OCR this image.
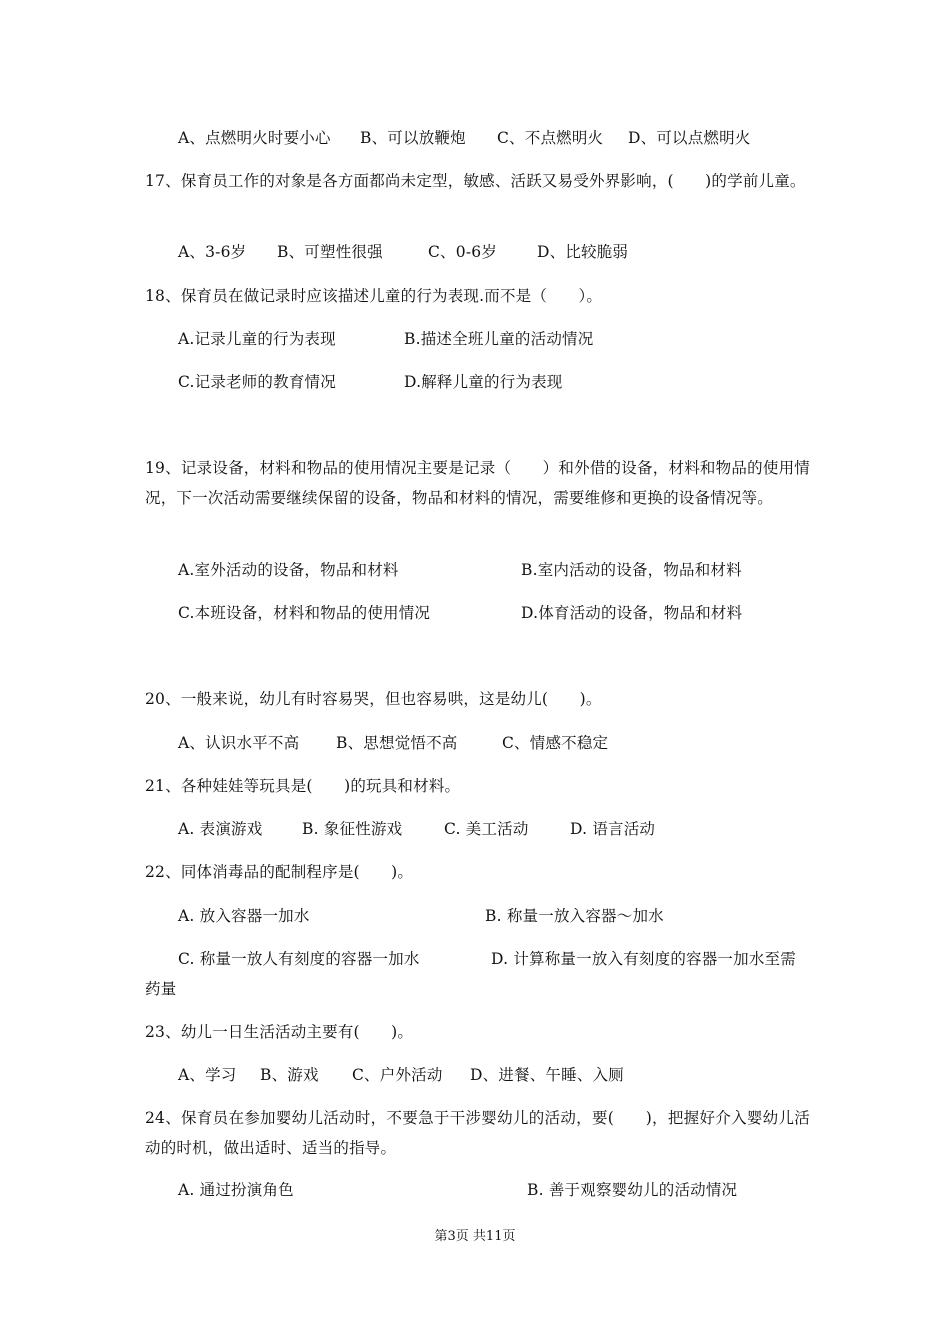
A、点燃明火时要小心 B、可以放鞭炮 C、不点燃明火 D、可以点燃明火
17、保育员工作的对象是各方面都尚未定型，敏感、活跃又易受外界影响，(　　)的学前儿童。
A、3-6岁 B、可塑性很强	C、0-6岁	D、比较脆弱
18、保育员在做记录时应该描述儿童的行为表现.而不是（　　）。
A.记录儿童的行为表现	B.描述全班儿童的活动情况
C.记录老师的教育情况	D.解释儿童的行为表现
19、记录设备，材料和物品的使用情况主要是记录（　　）和外借的设备，材料和物品的使用情况，下一次活动需要继续保留的设备，物品和材料的情况，需要维修和更换的设备情况等。
A.室外活动的设备，物品和材料	B.室内活动的设备，物品和材料
C.本班设备，材料和物品的使用情况	D.体育活动的设备，物品和材料
20、一般来说，幼儿有时容易哭，但也容易哄，这是幼儿(　　)。
A、认识水平不高 B、思想觉悟不高	C、情感不稳定
21、各种娃娃等玩具是(　　)的玩具和材料。
A. 表演游戏	B. 象征性游戏	C. 美工活动	D. 语言活动
22、同体消毒品的配制程序是(　　)。
A. 放入容器一加水	B. 称量一放入容器～加水
C. 称量一放人有刻度的容器一加水	D. 计算称量一放入有刻度的容器一加水至需药量
23、幼儿一日生活活动主要有(　　)。
A、学习 B、游戏 C、户外活动 D、进餐、午睡、入厕
24、保育员在参加婴幼儿活动时，不要急于干涉婴幼儿的活动，要(　　)，把握好介入婴幼儿活动的时机，做出适时、适当的指导。
A. 通过扮演角色	B. 善于观察婴幼儿的活动情况
第3页 共11页
